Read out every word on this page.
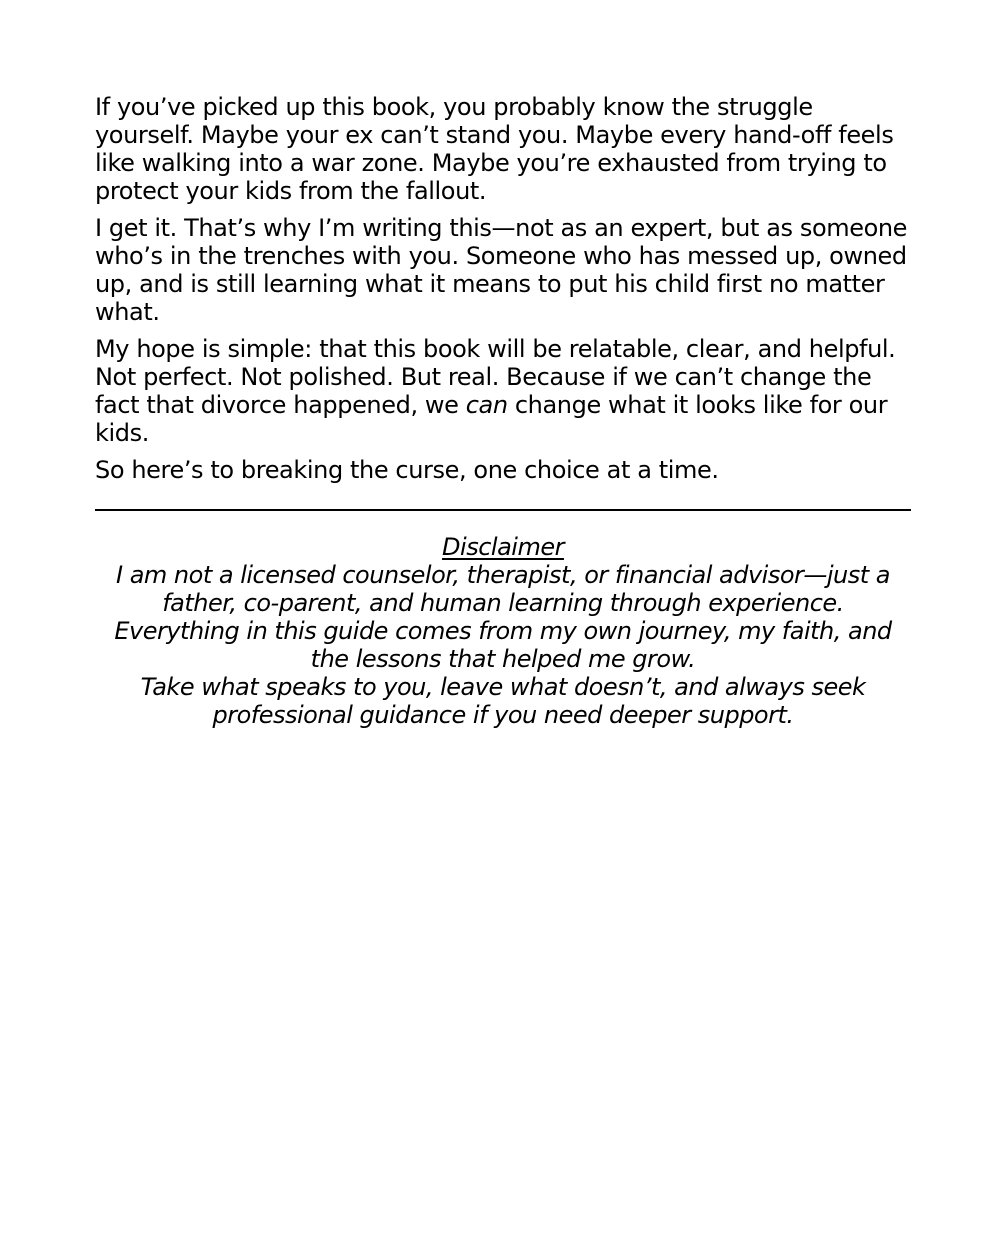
If you’ve picked up this book, you probably know the struggle yourself. Maybe your ex can’t stand you. Maybe every hand-off feels like walking into a war zone. Maybe you’re exhausted from trying to protect your kids from the fallout.

I get it. That’s why I’m writing this—not as an expert, but as someone who’s in the trenches with you. Someone who has messed up, owned up, and is still learning what it means to put his child first no matter what.

My hope is simple: that this book will be relatable, clear, and helpful. Not perfect. Not polished. But real. Because if we can’t change the fact that divorce happened, we can change what it looks like for our kids.

So here’s to breaking the curse, one choice at a time.

Disclaimer

I am not a licensed counselor, therapist, or financial advisor—just a father, co-parent, and human learning through experience.

Everything in this guide comes from my own journey, my faith, and the lessons that helped me grow.

Take what speaks to you, leave what doesn’t, and always seek professional guidance if you need deeper support.
